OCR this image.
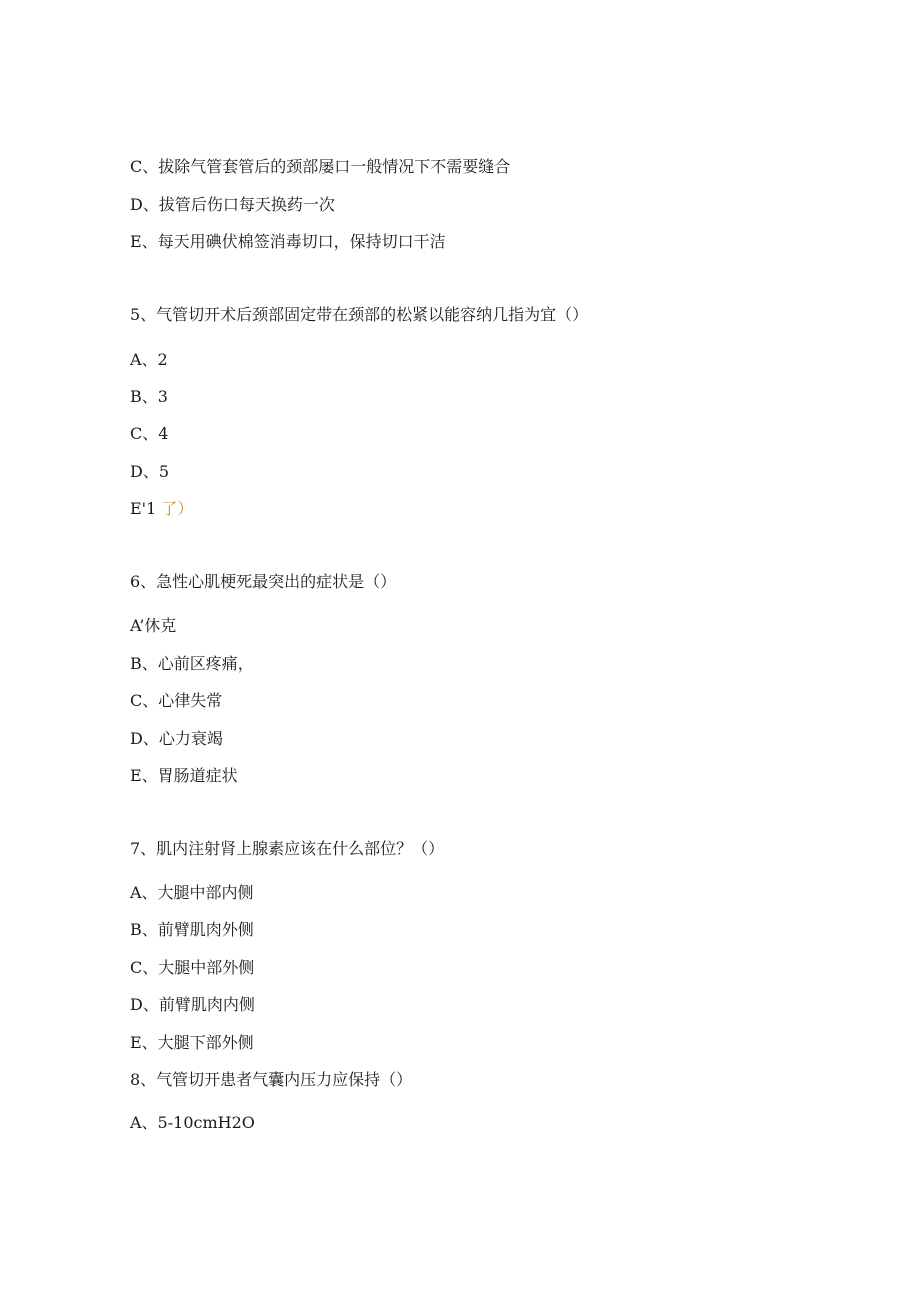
C、拔除气管套管后的颈部屡口一般情况下不需要缝合
D、拔管后伤口每天换药一次
E、每天用碘伏棉签消毒切口，保持切口干洁
5、气管切开术后颈部固定带在颈部的松紧以能容纳几指为宜（）
A、2
B、3
C、4
D、5
E'1 了）
6、急性心肌梗死最突出的症状是（）
A’休克
B、心前区疼痛，
C、心律失常
D、心力衰竭
E、胃肠道症状
7、肌内注射肾上腺素应该在什么部位？（）
A、大腿中部内侧
B、前臂肌肉外侧
C、大腿中部外侧
D、前臂肌肉内侧
E、大腿下部外侧
8、气管切开患者气囊内压力应保持（）
A、5-10cmH2O
